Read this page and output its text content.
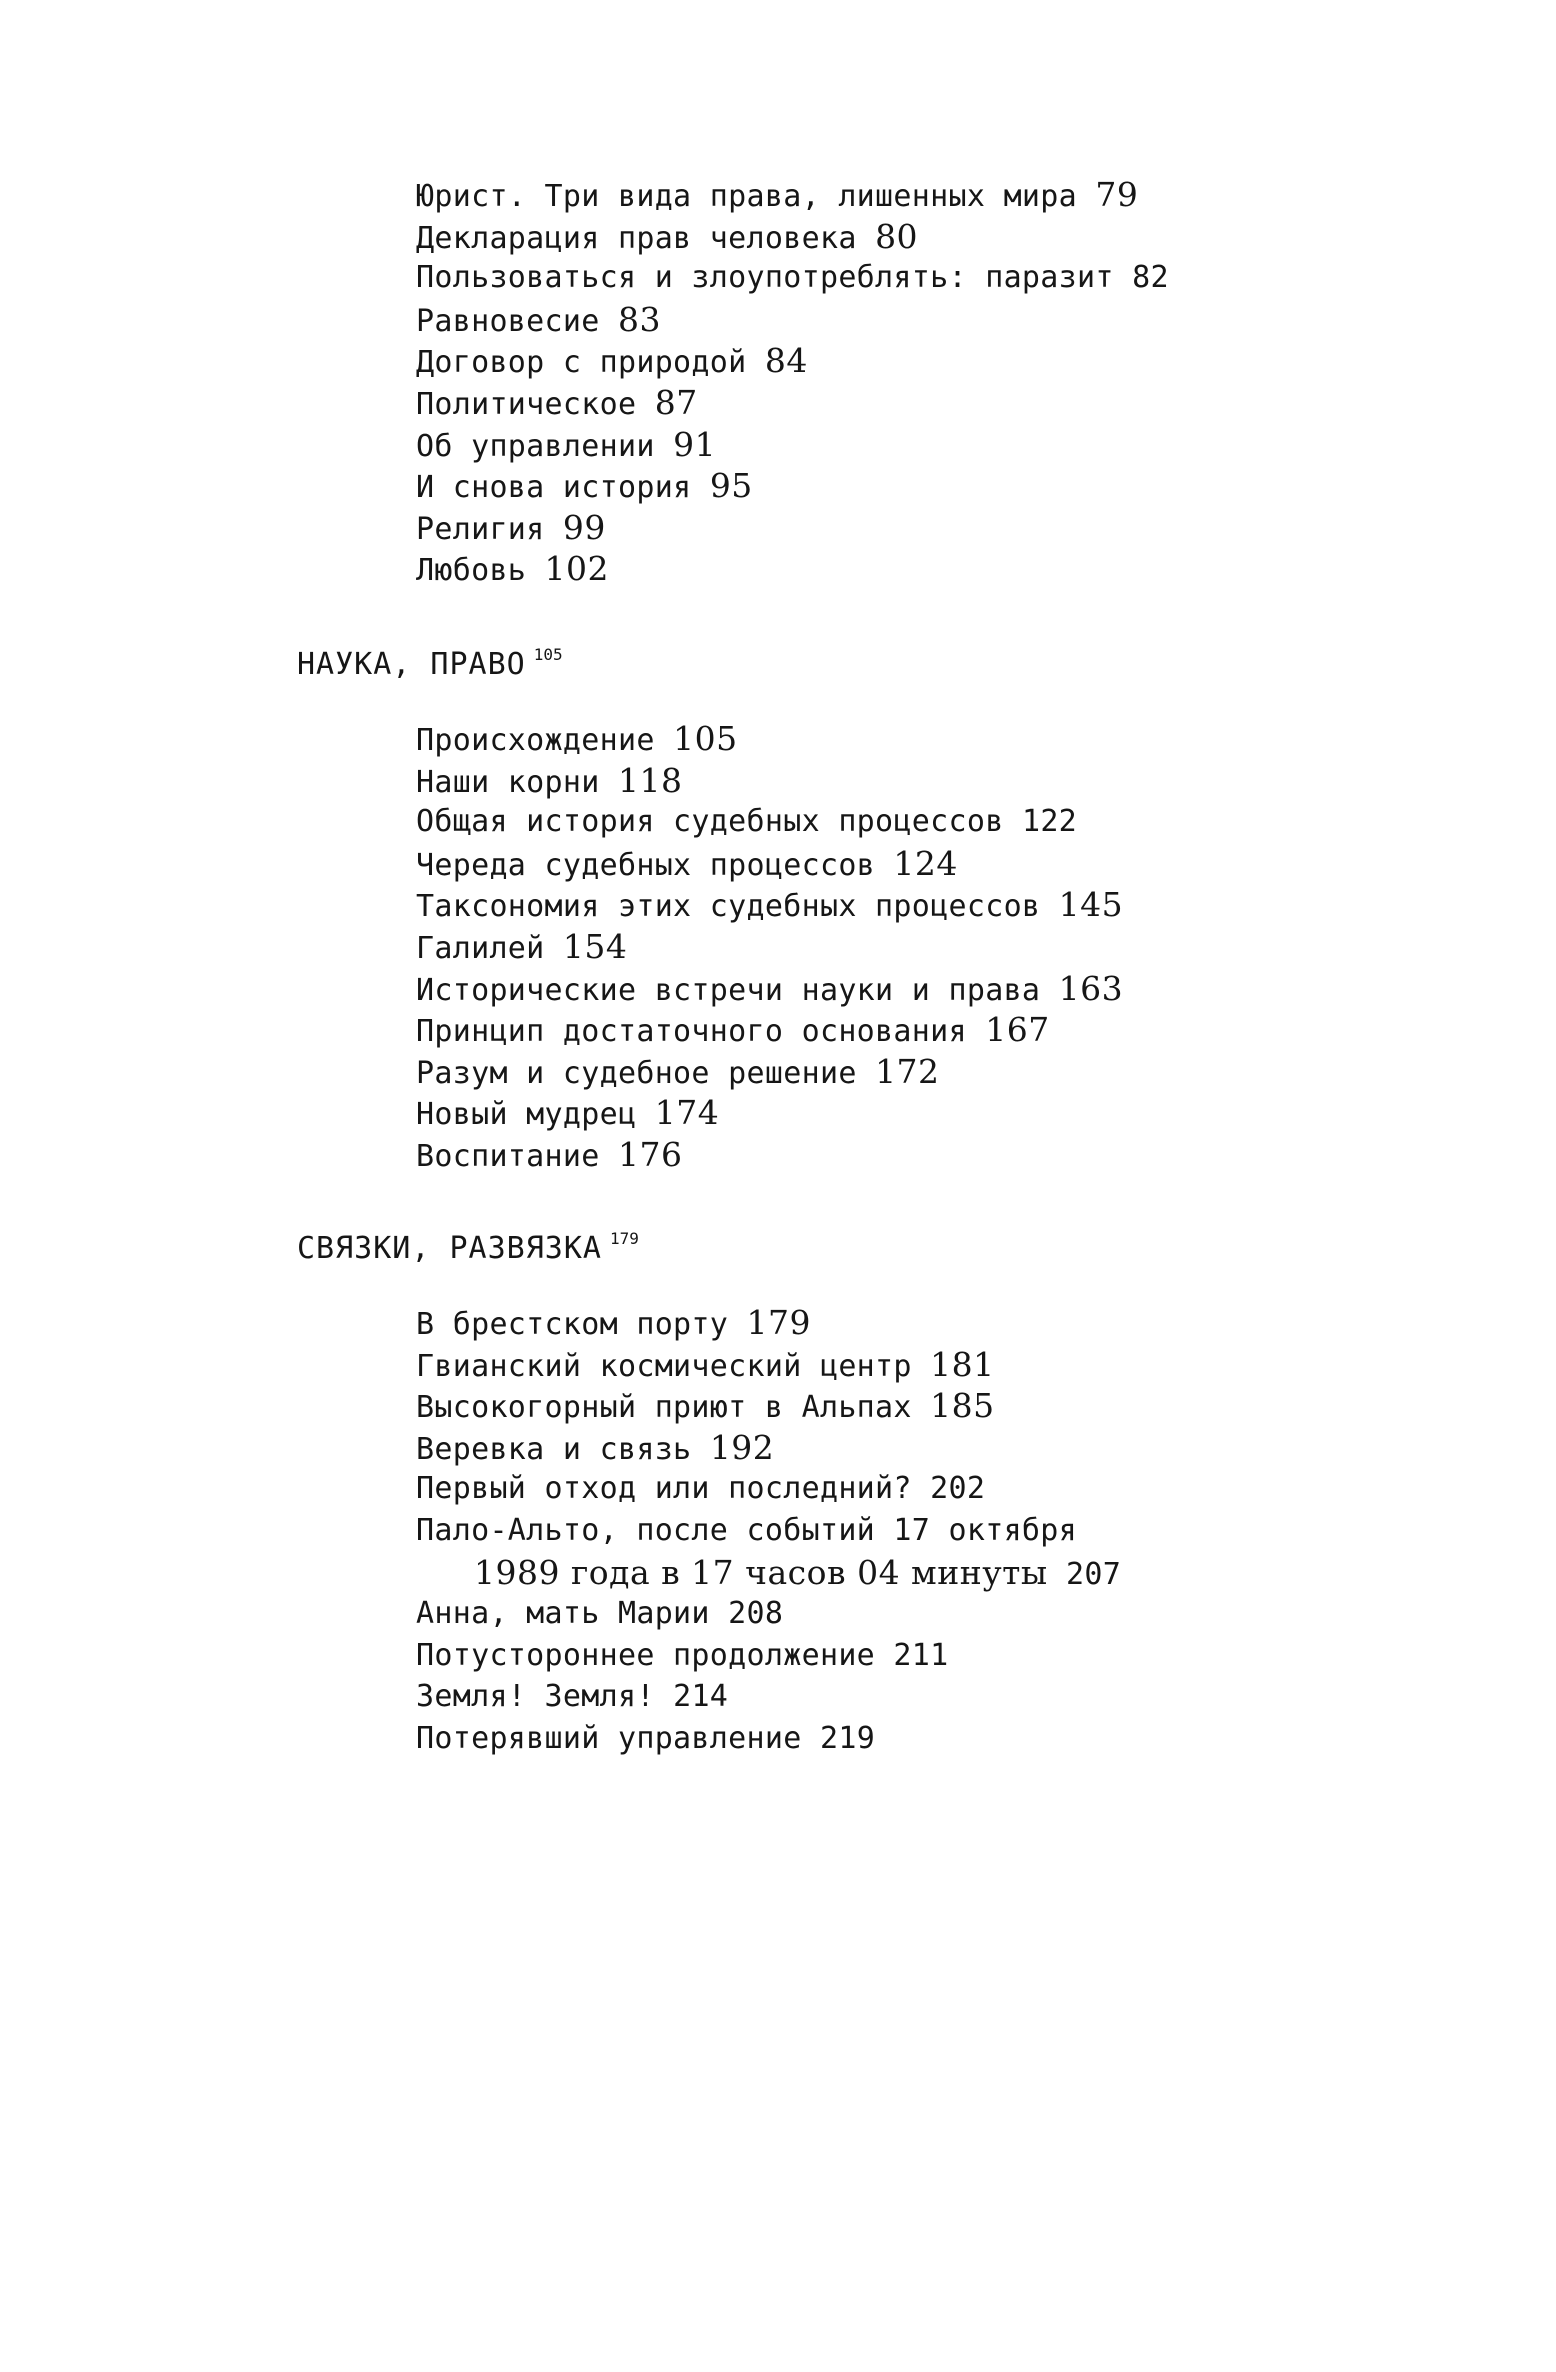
Юрист. Три вида права, лишенных мира 79
Декларация прав человека 80
Пользоваться и злоупотреблять: паразит 82
Равновесие 83
Договор с природой 84
Политическое 87
Об управлении 91
И снова история 95
Религия 99
Любовь 102
НАУКА, ПРАВО $^{105}$
Происхождение 105
Наши корни 118
Общая история судебных процессов 122
Череда судебных процессов 124
Таксономия этих судебных процессов 145
Галилей 154
Исторические встречи науки и права 163
Принцип достаточного основания 167
Разум и судебное решение 172
Новый мудрец 174
Воспитание 176
СВЯЗКИ, РАЗВЯЗКА $^{179}$
В брестском порту 179
Гвианский космический центр 181
Высокогорный приют в Альпах 185
Веревка и связь 192
Первый отход или последний? 202
Пало-Альто, после событий 17 октября
1989 года в 17 часов 04 минуты 207
Анна, мать Марии 208
Потустороннее продолжение 211
Земля! Земля! 214
Потерявший управление 219
